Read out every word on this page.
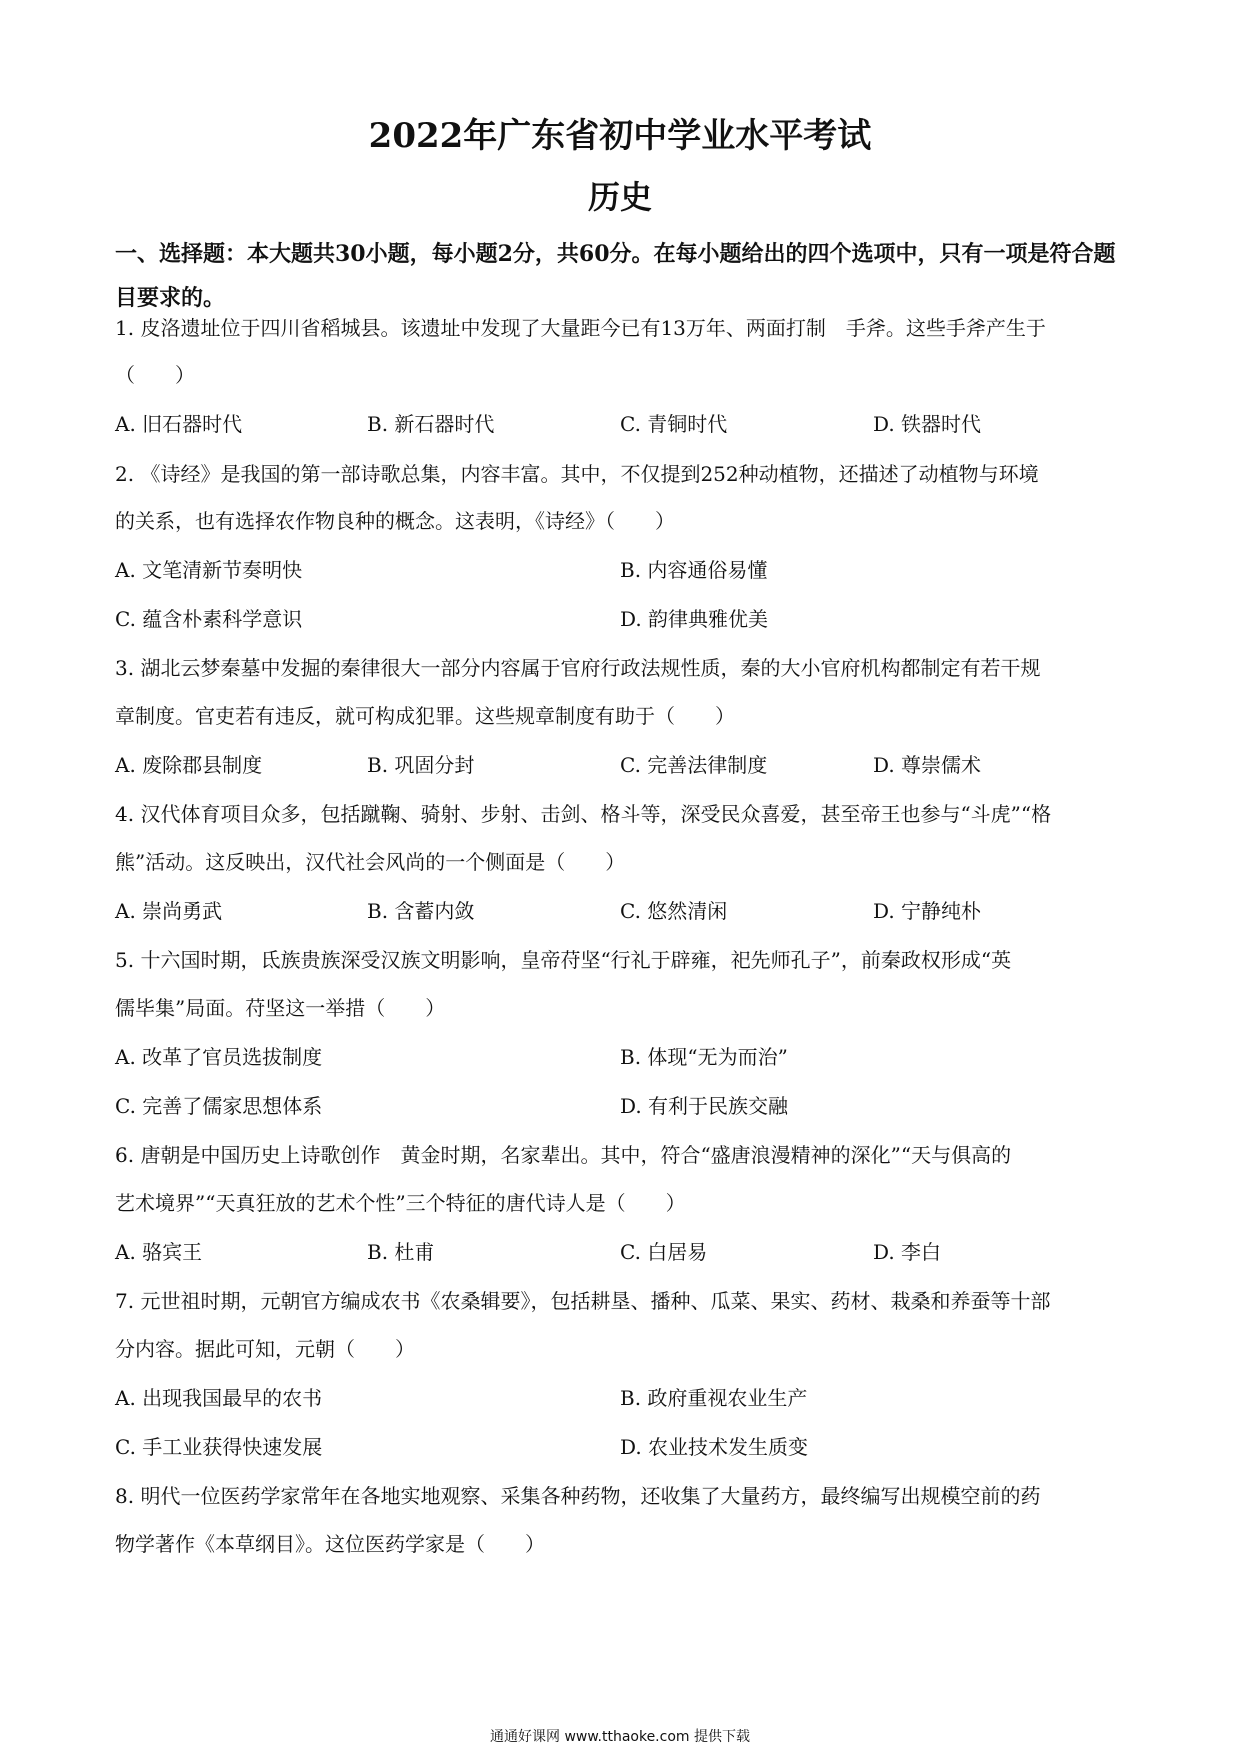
2022年广东省初中学业水平考试
历史
一、选择题：本大题共30小题，每小题2分，共60分。在每小题给出的四个选项中，只有一项是符合题目要求的。
1. 皮洛遗址位于四川省稻城县。该遗址中发现了大量距今已有13万年、两面打制　手斧。这些手斧产生于
（　　）
A. 旧石器时代	B. 新石器时代	C. 青铜时代	D. 铁器时代
2. 《诗经》是我国的第一部诗歌总集，内容丰富。其中，不仅提到252种动植物，还描述了动植物与环境
的关系，也有选择农作物良种的概念。这表明，《诗经》（　　）
A. 文笔清新节奏明快	B. 内容通俗易懂
C. 蕴含朴素科学意识	D. 韵律典雅优美
3. 湖北云梦秦墓中发掘的秦律很大一部分内容属于官府行政法规性质，秦的大小官府机构都制定有若干规
章制度。官吏若有违反，就可构成犯罪。这些规章制度有助于（　　）
A. 废除郡县制度	B. 巩固分封	C. 完善法律制度	D. 尊崇儒术
4. 汉代体育项目众多，包括蹴鞠、骑射、步射、击剑、格斗等，深受民众喜爱，甚至帝王也参与“斗虎”“格
熊”活动。这反映出，汉代社会风尚的一个侧面是（　　）
A. 崇尚勇武	B. 含蓄内敛	C. 悠然清闲	D. 宁静纯朴
5. 十六国时期，氐族贵族深受汉族文明影响，皇帝苻坚“行礼于辟雍，祀先师孔子”，前秦政权形成“英
儒毕集”局面。苻坚这一举措（　　）
A. 改革了官员选拔制度	B. 体现“无为而治”
C. 完善了儒家思想体系	D. 有利于民族交融
6. 唐朝是中国历史上诗歌创作　黄金时期，名家辈出。其中，符合“盛唐浪漫精神的深化”“天与俱高的
艺术境界”“天真狂放的艺术个性”三个特征的唐代诗人是（　　）
A. 骆宾王	B. 杜甫	C. 白居易	D. 李白
7. 元世祖时期，元朝官方编成农书《农桑辑要》，包括耕垦、播种、瓜菜、果实、药材、栽桑和养蚕等十部
分内容。据此可知，元朝（　　）
A. 出现我国最早的农书	B. 政府重视农业生产
C. 手工业获得快速发展	D. 农业技术发生质变
8. 明代一位医药学家常年在各地实地观察、采集各种药物，还收集了大量药方，最终编写出规模空前的药
物学著作《本草纲目》。这位医药学家是（　　）
通通好课网 www.tthaoke.com 提供下载
